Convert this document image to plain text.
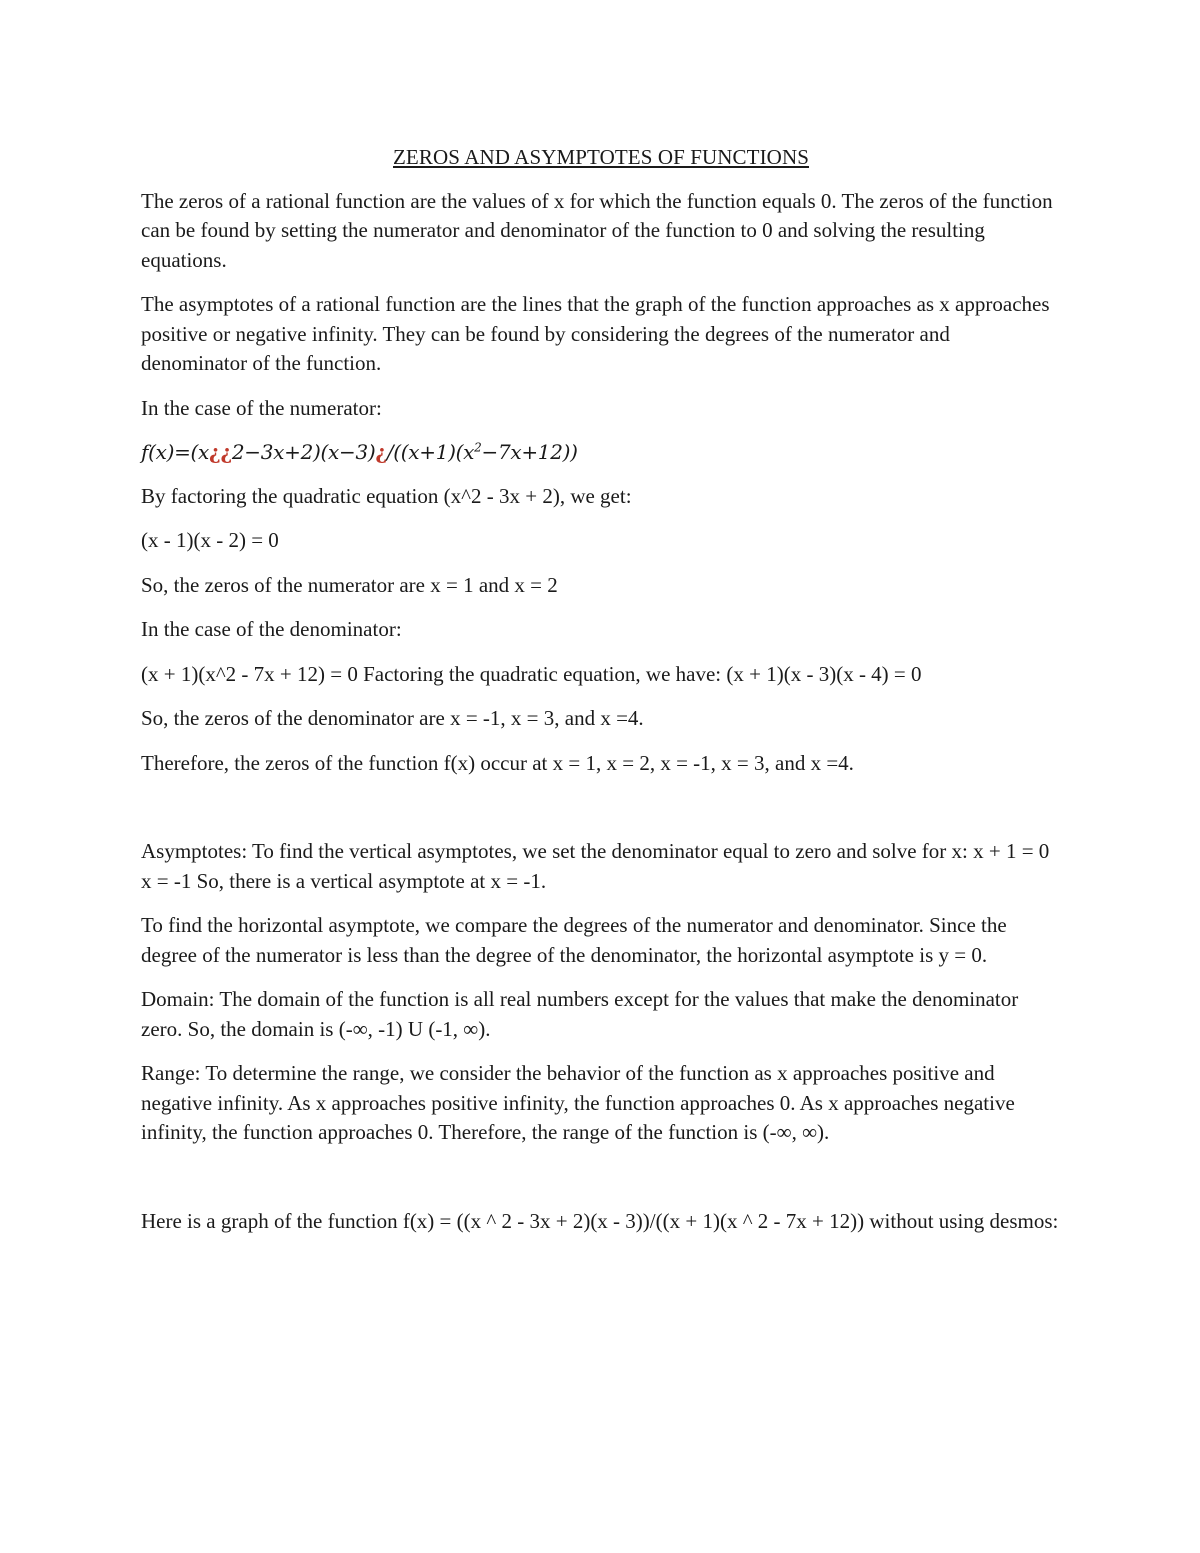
ZEROS AND ASYMPTOTES OF FUNCTIONS

The zeros of a rational function are the values of x for which the function equals 0. The zeros of the function can be found by setting the numerator and denominator of the function to 0 and solving the resulting equations.

The asymptotes of a rational function are the lines that the graph of the function approaches as x approaches positive or negative infinity. They can be found by considering the degrees of the numerator and denominator of the function.

In the case of the numerator:

$f(x)=(x¿¿2-3x+2)(x-3)¿/((x+1)(x^2-7x+12))$

By factoring the quadratic equation (x^2 - 3x + 2), we get:

(x - 1)(x - 2) = 0

So, the zeros of the numerator are x = 1 and x = 2

In the case of the denominator:

(x + 1)(x^2 - 7x + 12) = 0 Factoring the quadratic equation, we have: (x + 1)(x - 3)(x - 4) = 0

So, the zeros of the denominator are x = -1, x = 3, and x =4.

Therefore, the zeros of the function f(x) occur at x = 1, x = 2, x = -1, x = 3, and x =4.

Asymptotes: To find the vertical asymptotes, we set the denominator equal to zero and solve for x: x + 1 = 0 x = -1 So, there is a vertical asymptote at x = -1.

To find the horizontal asymptote, we compare the degrees of the numerator and denominator. Since the degree of the numerator is less than the degree of the denominator, the horizontal asymptote is y = 0.

Domain: The domain of the function is all real numbers except for the values that make the denominator zero. So, the domain is (-∞, -1) U (-1, ∞).

Range: To determine the range, we consider the behavior of the function as x approaches positive and negative infinity. As x approaches positive infinity, the function approaches 0. As x approaches negative infinity, the function approaches 0. Therefore, the range of the function is (-∞, ∞).

Here is a graph of the function f(x) = ((x ^ 2 - 3x + 2)(x - 3))/((x + 1)(x ^ 2 - 7x + 12)) without using desmos:
